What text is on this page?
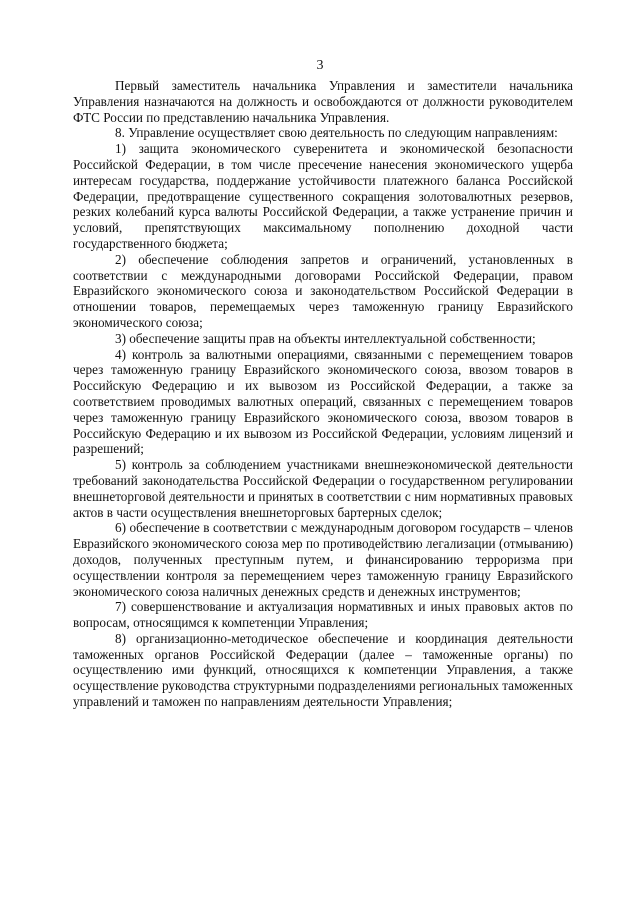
3

Первый заместитель начальника Управления и заместители начальника Управления назначаются на должность и освобождаются от должности руководителем ФТС России по представлению начальника Управления.

8. Управление осуществляет свою деятельность по следующим направлениям:

1) защита экономического суверенитета и экономической безопасности Российской Федерации, в том числе пресечение нанесения экономического ущерба интересам государства, поддержание устойчивости платежного баланса Российской Федерации, предотвращение существенного сокращения золотовалютных резервов, резких колебаний курса валюты Российской Федерации, а также устранение причин и условий, препятствующих максимальному пополнению доходной части государственного бюджета;

2) обеспечение соблюдения запретов и ограничений, установленных в соответствии с международными договорами Российской Федерации, правом Евразийского экономического союза и законодательством Российской Федерации в отношении товаров, перемещаемых через таможенную границу Евразийского экономического союза;

3) обеспечение защиты прав на объекты интеллектуальной собственности;

4) контроль за валютными операциями, связанными с перемещением товаров через таможенную границу Евразийского экономического союза, ввозом товаров в Российскую Федерацию и их вывозом из Российской Федерации, а также за соответствием проводимых валютных операций, связанных с перемещением товаров через таможенную границу Евразийского экономического союза, ввозом товаров в Российскую Федерацию и их вывозом из Российской Федерации, условиям лицензий и разрешений;

5) контроль за соблюдением участниками внешнеэкономической деятельности требований законодательства Российской Федерации о государственном регулировании внешнеторговой деятельности и принятых в соответствии с ним нормативных правовых актов в части осуществления внешнеторговых бартерных сделок;

6) обеспечение в соответствии с международным договором государств – членов Евразийского экономического союза мер по противодействию легализации (отмыванию) доходов, полученных преступным путем, и финансированию терроризма при осуществлении контроля за перемещением через таможенную границу Евразийского экономического союза наличных денежных средств и денежных инструментов;

7) совершенствование и актуализация нормативных и иных правовых актов по вопросам, относящимся к компетенции Управления;

8) организационно-методическое обеспечение и координация деятельности таможенных органов Российской Федерации (далее – таможенные органы) по осуществлению ими функций, относящихся к компетенции Управления, а также осуществление руководства структурными подразделениями региональных таможенных управлений и таможен по направлениям деятельности Управления;
